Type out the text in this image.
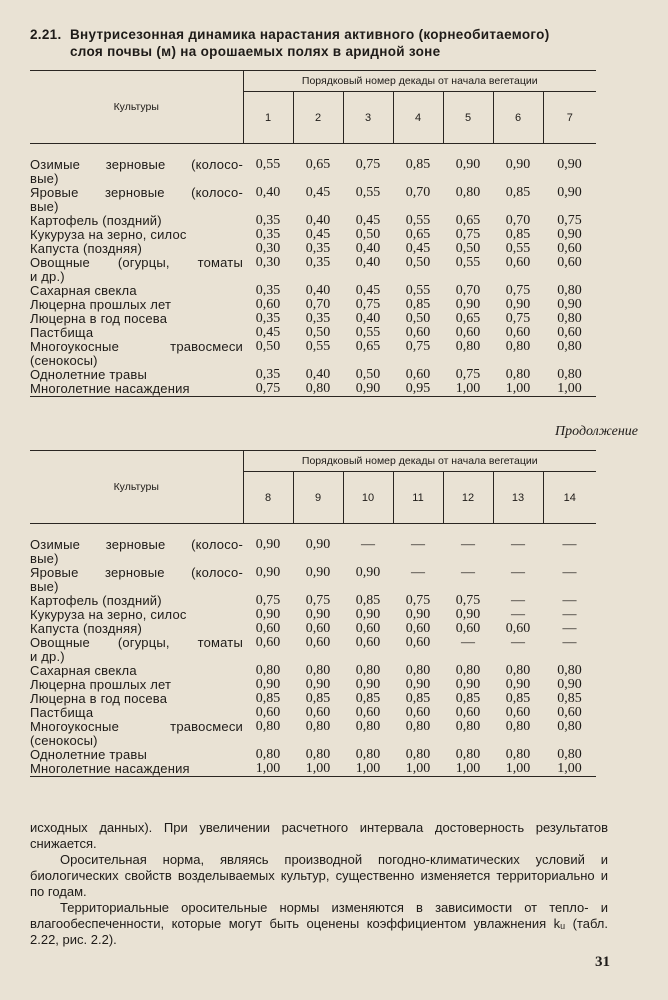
2.21. Внутрисезонная динамика нарастания активного (корнеобитаемого)
слоя почвы (м) на орошаемых полях в аридной зоне
Культуры	Порядковый номер декады от начала вегетации						
	1	2	3	4	5	6	7

Озимые зерновые (колосо-
вые)	0,55	0,65	0,75	0,85	0,90	0,90	0,90

Яровые зерновые (колосо-
вые)	0,40	0,45	0,55	0,70	0,80	0,85	0,90

Картофель (поздний)	0,35	0,40	0,45	0,55	0,65	0,70	0,75

Кукуруза на зерно, силос	0,35	0,45	0,50	0,65	0,75	0,85	0,90

Капуста (поздняя)	0,30	0,35	0,40	0,45	0,50	0,55	0,60

Овощные (огурцы, томаты
и др.)	0,30	0,35	0,40	0,50	0,55	0,60	0,60

Сахарная свекла	0,35	0,40	0,45	0,55	0,70	0,75	0,80

Люцерна прошлых лет	0,60	0,70	0,75	0,85	0,90	0,90	0,90

Люцерна в год посева	0,35	0,35	0,40	0,50	0,65	0,75	0,80

Пастбища	0,45	0,50	0,55	0,60	0,60	0,60	0,60

Многоукосные травосмеси
(сенокосы)	0,50	0,55	0,65	0,75	0,80	0,80	0,80

Однолетние травы	0,35	0,40	0,50	0,60	0,75	0,80	0,80

Многолетние насаждения	0,75	0,80	0,90	0,95	1,00	1,00	1,00
Продолжение
Культуры	Порядковый номер декады от начала вегетации						
	8	9	10	11	12	13	14

Озимые зерновые (колосо-
вые)	0,90	0,90	—	—	—	—	—

Яровые зерновые (колосо-
вые)	0,90	0,90	0,90	—	—	—	—

Картофель (поздний)	0,75	0,75	0,85	0,75	0,75	—	—

Кукуруза на зерно, силос	0,90	0,90	0,90	0,90	0,90	—	—

Капуста (поздняя)	0,60	0,60	0,60	0,60	0,60	0,60	—

Овощные (огурцы, томаты
и др.)	0,60	0,60	0,60	0,60	—	—	—

Сахарная свекла	0,80	0,80	0,80	0,80	0,80	0,80	0,80

Люцерна прошлых лет	0,90	0,90	0,90	0,90	0,90	0,90	0,90

Люцерна в год посева	0,85	0,85	0,85	0,85	0,85	0,85	0,85

Пастбища	0,60	0,60	0,60	0,60	0,60	0,60	0,60

Многоукосные травосмеси
(сенокосы)	0,80	0,80	0,80	0,80	0,80	0,80	0,80

Однолетние травы	0,80	0,80	0,80	0,80	0,80	0,80	0,80

Многолетние насаждения	1,00	1,00	1,00	1,00	1,00	1,00	1,00
исходных данных). При увеличении расчетного интервала достоверность результатов снижается.
Оросительная норма, являясь производной погодно-климатических условий и биологических свойств возделываемых культур, существенно изменяется территориально и по годам.
Территориальные оросительные нормы изменяются в зависимости от тепло- и влагообеспеченности, которые могут быть оценены коэффициентом увлажнения kᵤ (табл. 2.22, рис. 2.2).
31
